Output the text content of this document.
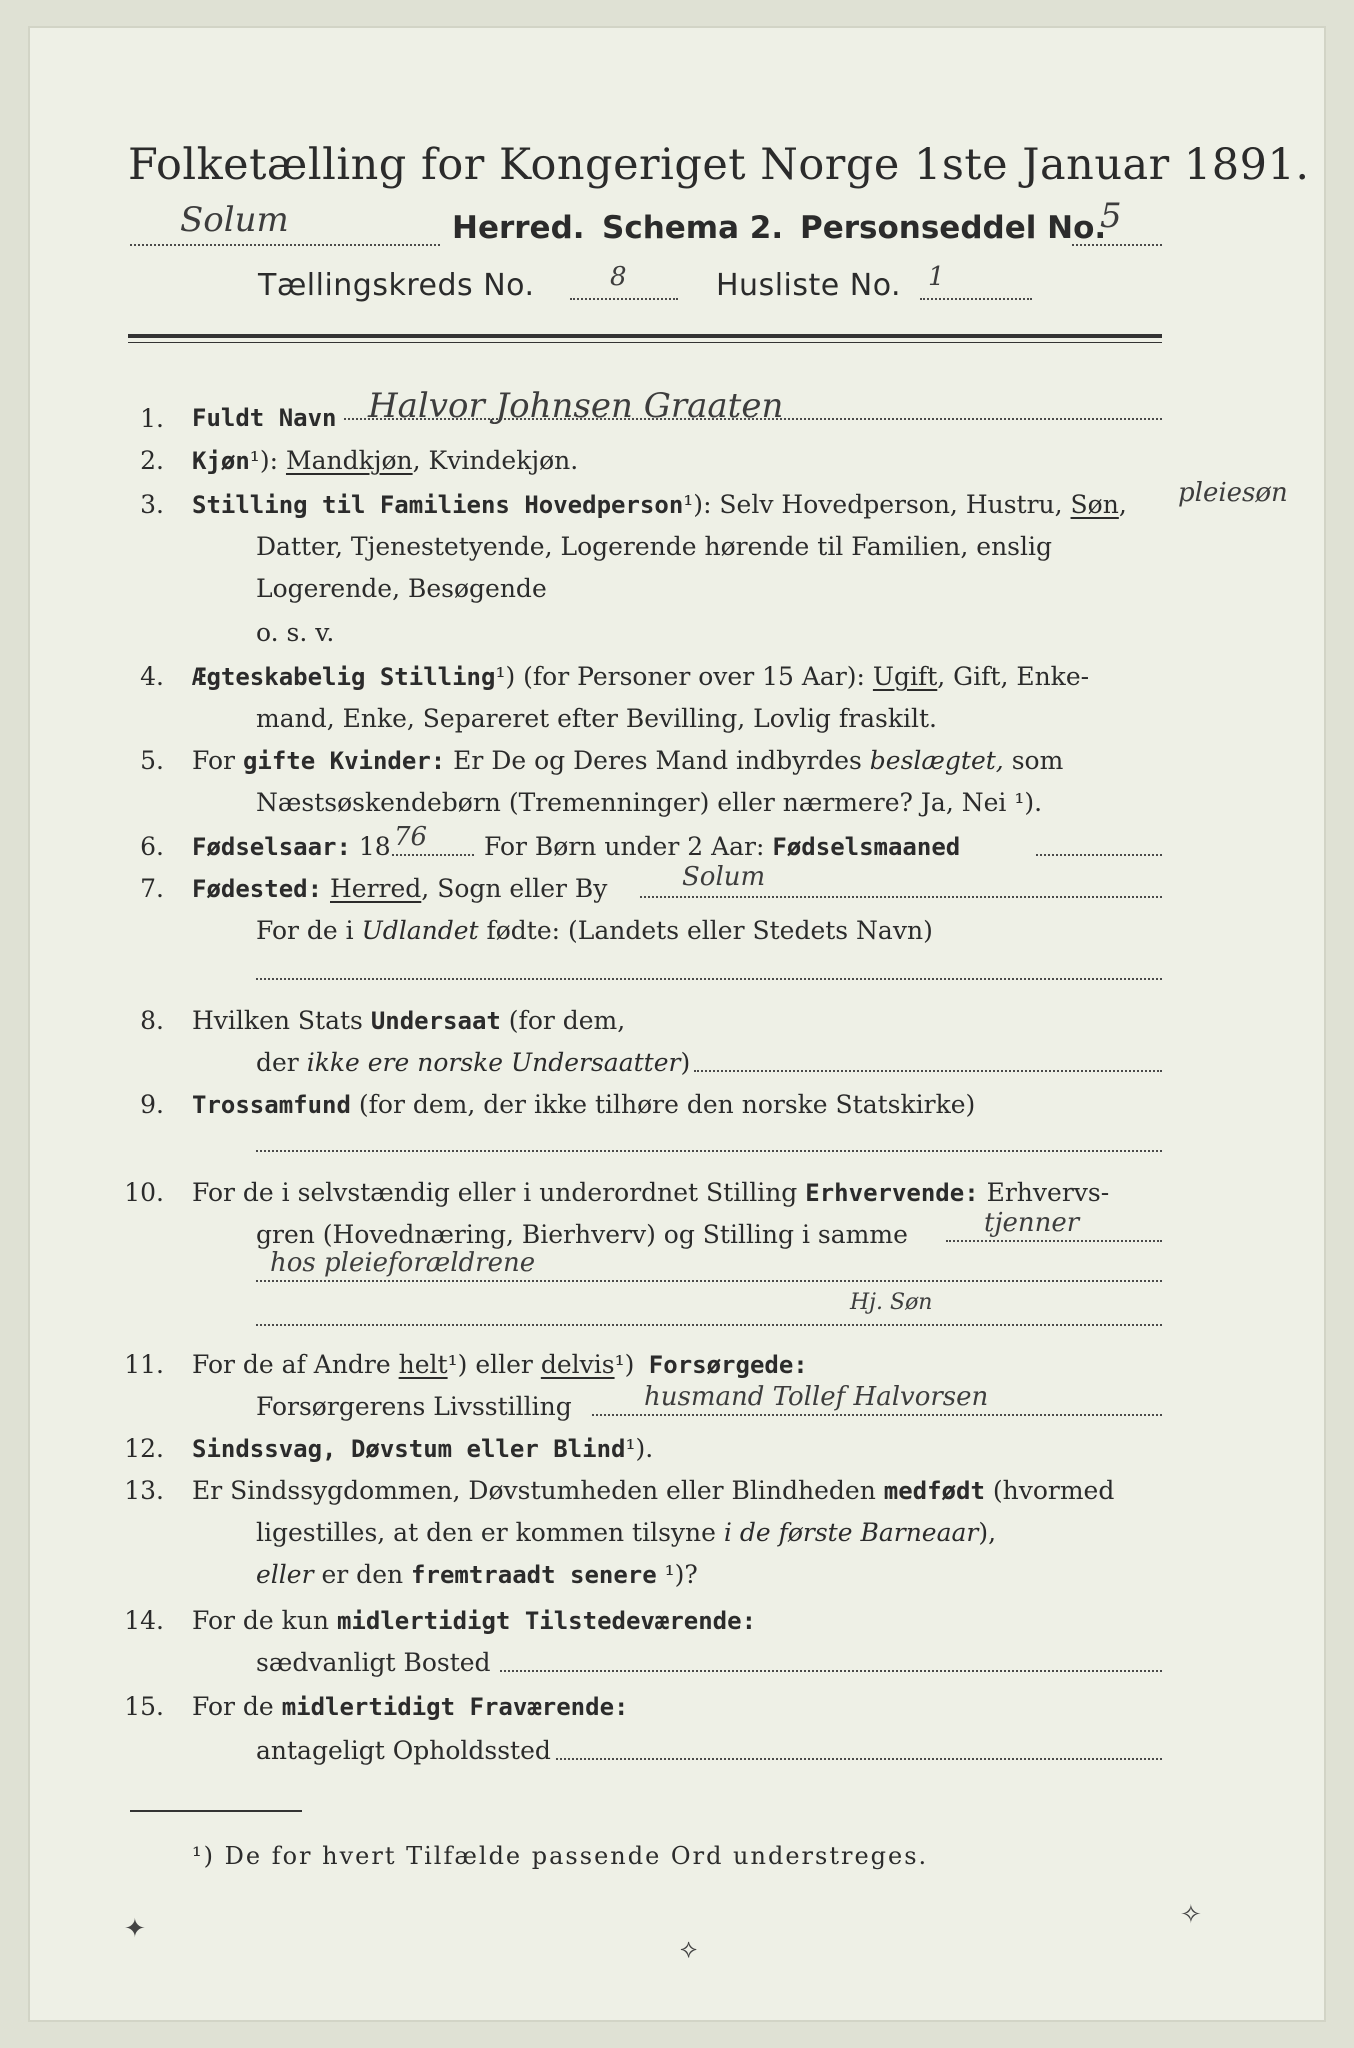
Folketælling for Kongeriget Norge 1ste Januar 1891.
Solum	Herred. Schema 2. Personseddel No.
5
Tællingskreds No.	8	Husliste No. 1
1. Fuldt Navn Halvor Johnsen Graaten
2. Kjøn¹): Mandkjøn, Kvindekjøn.
3. Stilling til Familiens Hovedperson¹): Selv Hovedperson, Hustru, Søn, pleiesøn
Datter, Tjenestetyende, Logerende hørende til Familien, enslig
Logerende, Besøgende
o. s. v.
4. Ægteskabelig Stilling¹) (for Personer over 15 Aar): Ugift, Gift, Enke-
mand, Enke, Separeret efter Bevilling, Lovlig fraskilt.
5. For gifte Kvinder: Er De og Deres Mand indbyrdes beslægtet, som
Næstsøskendebørn (Tremenninger) eller nærmere? Ja, Nei ¹).
6. Fødselsaar: 18 76 For Børn under 2 Aar: Fødselsmaaned
7. Fødested: Herred, Sogn eller By	Solum
For de i Udlandet fødte: (Landets eller Stedets Navn)
8. Hvilken Stats Undersaat (for dem,
der ikke ere norske Undersaatter)
9. Trossamfund (for dem, der ikke tilhøre den norske Statskirke)
10. For de i selvstændig eller i underordnet Stilling Erhvervende: Erhvervs-
gren (Hovednæring, Bierhverv) og Stilling i samme	tjenner
hos pleieforældrene
Hj. Søn
11. For de af Andre helt¹) eller delvis¹) Forsørgede:
Forsørgerens Livsstilling	husmand Tollef Halvorsen
12. Sindssvag, Døvstum eller Blind¹).
13. Er Sindssygdommen, Døvstumheden eller Blindheden medfødt (hvormed
ligestilles, at den er kommen tilsyne i de første Barneaar),
eller er den fremtraadt senere ¹)?
14. For de kun midlertidigt Tilstedeværende:
sædvanligt Bosted
15. For de midlertidigt Fraværende:
antageligt Opholdssted
¹) De for hvert Tilfælde passende Ord understreges.
✦
⟡
✧
